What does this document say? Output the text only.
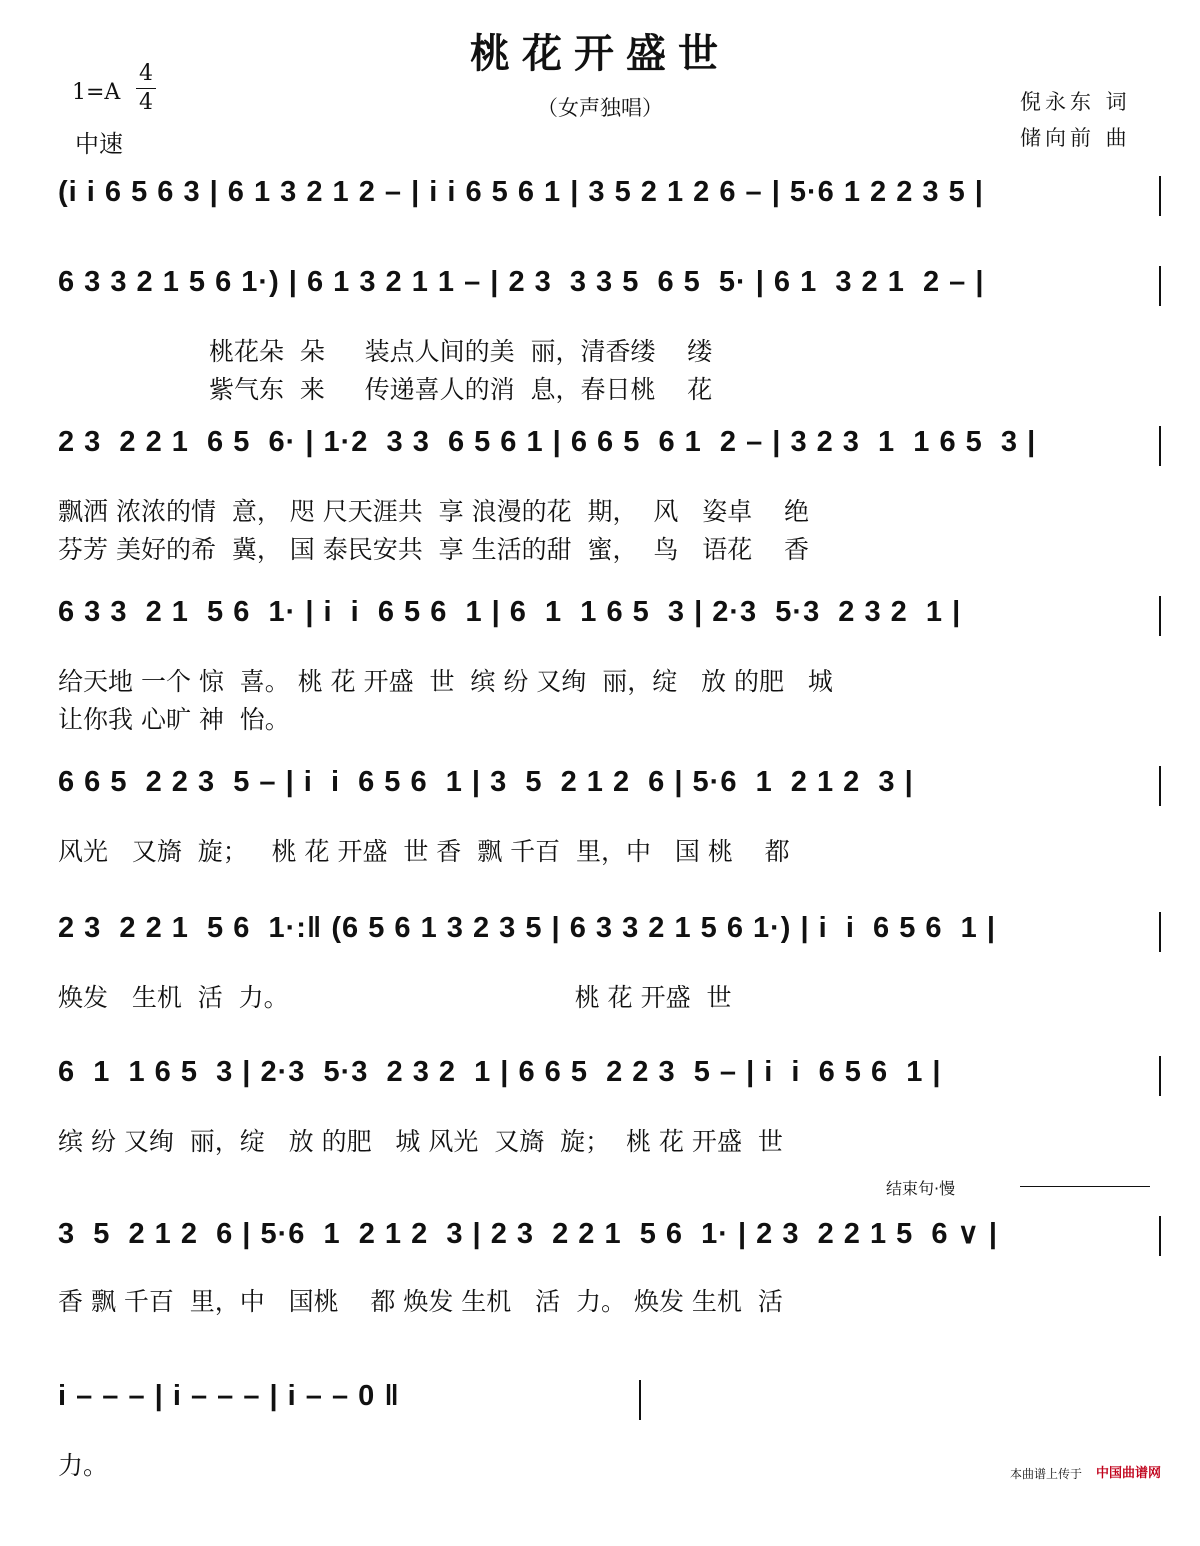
桃花开盛世
（女声独唱）
1=A
4
4
中速
倪永东 词
储向前 曲
结束句·慢
(i i 6 5 6 3 | 6 1 3 2 1 2 – | i i 6 5 6 1 | 3 5 2 1 2 6 – | 5·6 1 2 2 3 5 |
6 3 3 2 1 5 6 1·) | 6 1 3 2 1 1 – | 2 3  3 3 5  6 5  5· | 6 1  3 2 1  2 – |
桃花朵  朵     装点人间的美  丽，清香缕    缕
紫气东  来     传递喜人的消  息，春日桃    花
2 3  2 2 1  6 5  6· | 1·2  3 3  6 5 6 1 | 6 6 5  6 1  2 – | 3 2 3  1  1 6 5  3 |
飘洒 浓浓的情  意， 咫 尺天涯共  享 浪漫的花  期，  风   姿卓    绝
芬芳 美好的希  冀， 国 泰民安共  享 生活的甜  蜜，  鸟   语花    香
6 3 3  2 1  5 6  1· | i  i  6 5 6  1 | 6  1  1 6 5  3 | 2·3  5·3  2 3 2  1 |
给天地 一个 惊  喜。 桃 花 开盛  世  缤 纷 又绚  丽，绽   放 的肥   城
让你我 心旷 神  怡。
6 6 5  2 2 3  5 – | i  i  6 5 6  1 | 3  5  2 1 2  6 | 5·6  1  2 1 2  3 |
风光   又旖  旋；   桃 花 开盛  世 香  飘 千百  里，中   国 桃    都
2 3  2 2 1  5 6  1·:‖ (6 5 6 1 3 2 3 5 | 6 3 3 2 1 5 6 1·) | i  i  6 5 6  1 |
焕发   生机  活  力。                                    桃 花 开盛  世
6  1  1 6 5  3 | 2·3  5·3  2 3 2  1 | 6 6 5  2 2 3  5 – | i  i  6 5 6  1 |
缤 纷 又绚  丽，绽   放 的肥   城 风光  又旖  旋；  桃 花 开盛  世
3  5  2 1 2  6 | 5·6  1  2 1 2  3 | 2 3  2 2 1  5 6  1· | 2 3  2 2 1 5  6 ∨ |
香 飘 千百  里，中   国桃    都 焕发 生机   活  力。 焕发 生机  活
i – – – | i – – – | i – – 0 ‖
力。	本曲谱上传于 中国曲谱网
